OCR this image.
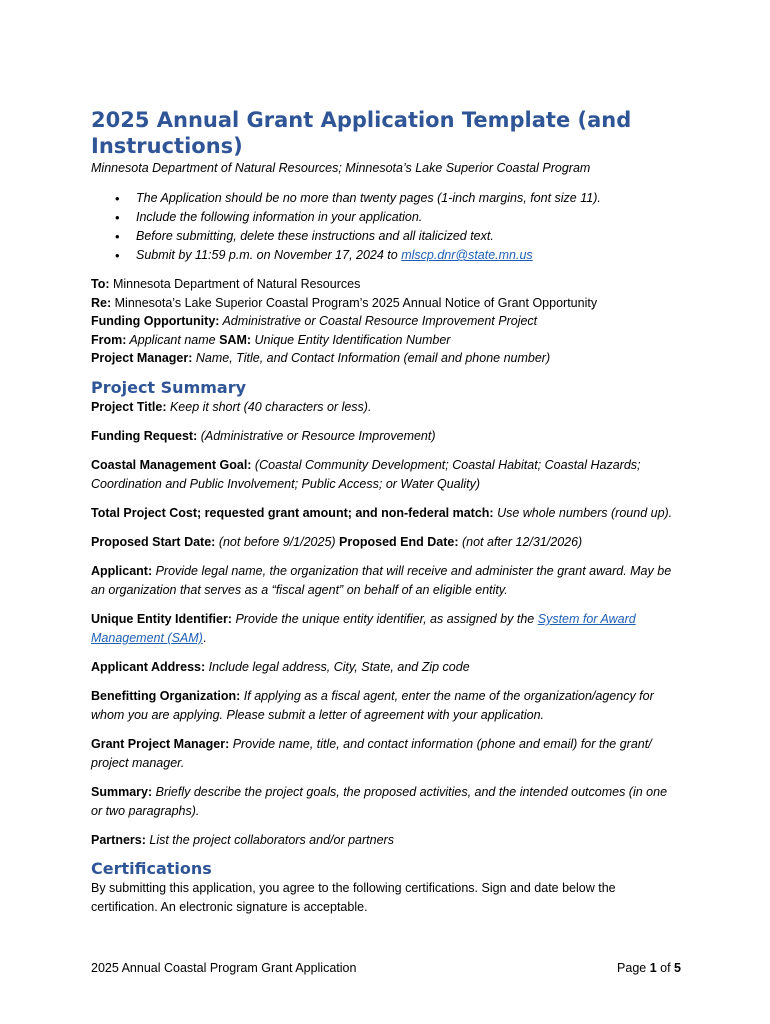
2025 Annual Grant Application Template (and Instructions)
Minnesota Department of Natural Resources; Minnesota’s Lake Superior Coastal Program
• The Application should be no more than twenty pages (1-inch margins, font size 11).
• Include the following information in your application.
• Before submitting, delete these instructions and all italicized text.
• Submit by 11:59 p.m. on November 17, 2024 to mlscp.dnr@state.mn.us
To: Minnesota Department of Natural Resources
Re: Minnesota’s Lake Superior Coastal Program’s 2025 Annual Notice of Grant Opportunity
Funding Opportunity: Administrative or Coastal Resource Improvement Project
From: Applicant name SAM: Unique Entity Identification Number
Project Manager: Name, Title, and Contact Information (email and phone number)
Project Summary
Project Title: Keep it short (40 characters or less).
Funding Request: (Administrative or Resource Improvement)
Coastal Management Goal: (Coastal Community Development; Coastal Habitat; Coastal Hazards; Coordination and Public Involvement; Public Access; or Water Quality)
Total Project Cost; requested grant amount; and non-federal match: Use whole numbers (round up).
Proposed Start Date: (not before 9/1/2025) Proposed End Date: (not after 12/31/2026)
Applicant: Provide legal name, the organization that will receive and administer the grant award. May be an organization that serves as a “fiscal agent” on behalf of an eligible entity.
Unique Entity Identifier: Provide the unique entity identifier, as assigned by the System for Award Management (SAM).
Applicant Address: Include legal address, City, State, and Zip code
Benefitting Organization: If applying as a fiscal agent, enter the name of the organization/agency for whom you are applying. Please submit a letter of agreement with your application.
Grant Project Manager: Provide name, title, and contact information (phone and email) for the grant/ project manager.
Summary: Briefly describe the project goals, the proposed activities, and the intended outcomes (in one or two paragraphs).
Partners: List the project collaborators and/or partners
Certifications
By submitting this application, you agree to the following certifications. Sign and date below the certification. An electronic signature is acceptable.
2025 Annual Coastal Program Grant Application	Page 1 of 5
